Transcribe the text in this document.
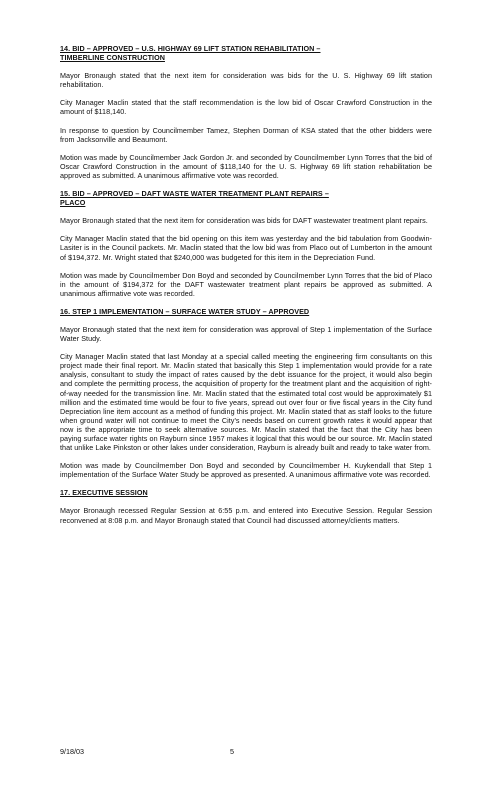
14. BID – APPROVED – U.S. HIGHWAY 69 LIFT STATION REHABILITATION –
TIMBERLINE CONSTRUCTION

Mayor Bronaugh stated that the next item for consideration was bids for the U. S. Highway 69 lift station rehabilitation.

City Manager Maclin stated that the staff recommendation is the low bid of Oscar Crawford Construction in the amount of $118,140.

In response to question by Councilmember Tamez, Stephen Dorman of KSA stated that the other bidders were from Jacksonville and Beaumont.

Motion was made by Councilmember Jack Gordon Jr. and seconded by Councilmember Lynn Torres that the bid of Oscar Crawford Construction in the amount of $118,140 for the U. S. Highway 69 lift station rehabilitation be approved as submitted. A unanimous affirmative vote was recorded.

15. BID – APPROVED – DAFT WASTE WATER TREATMENT PLANT REPAIRS –
PLACO

Mayor Bronaugh stated that the next item for consideration was bids for DAFT wastewater treatment plant repairs.

City Manager Maclin stated that the bid opening on this item was yesterday and the bid tabulation from Goodwin-Lasiter is in the Council packets. Mr. Maclin stated that the low bid was from Placo out of Lumberton in the amount of $194,372. Mr. Wright stated that $240,000 was budgeted for this item in the Depreciation Fund.

Motion was made by Councilmember Don Boyd and seconded by Councilmember Lynn Torres that the bid of Placo in the amount of $194,372 for the DAFT wastewater treatment plant repairs be approved as submitted. A unanimous affirmative vote was recorded.

16. STEP 1 IMPLEMENTATION – SURFACE WATER STUDY – APPROVED

Mayor Bronaugh stated that the next item for consideration was approval of Step 1 implementation of the Surface Water Study.

City Manager Maclin stated that last Monday at a special called meeting the engineering firm consultants on this project made their final report. Mr. Maclin stated that basically this Step 1 implementation would provide for a rate analysis, consultant to study the impact of rates caused by the debt issuance for the project, it would also begin and complete the permitting process, the acquisition of property for the treatment plant and the acquisition of right-of-way needed for the transmission line. Mr. Maclin stated that the estimated total cost would be approximately $1 million and the estimated time would be four to five years, spread out over four or five fiscal years in the City fund Depreciation line item account as a method of funding this project. Mr. Maclin stated that as staff looks to the future when ground water will not continue to meet the City's needs based on current growth rates it would appear that now is the appropriate time to seek alternative sources. Mr. Maclin stated that the fact that the City has been paying surface water rights on Rayburn since 1957 makes it logical that this would be our source. Mr. Maclin stated that unlike Lake Pinkston or other lakes under consideration, Rayburn is already built and ready to take water from.

Motion was made by Councilmember Don Boyd and seconded by Councilmember H. Kuykendall that Step 1 implementation of the Surface Water Study be approved as presented. A unanimous affirmative vote was recorded.

17. EXECUTIVE SESSION

Mayor Bronaugh recessed Regular Session at 6:55 p.m. and entered into Executive Session. Regular Session reconvened at 8:08 p.m. and Mayor Bronaugh stated that Council had discussed attorney/clients matters.

9/18/03	5
